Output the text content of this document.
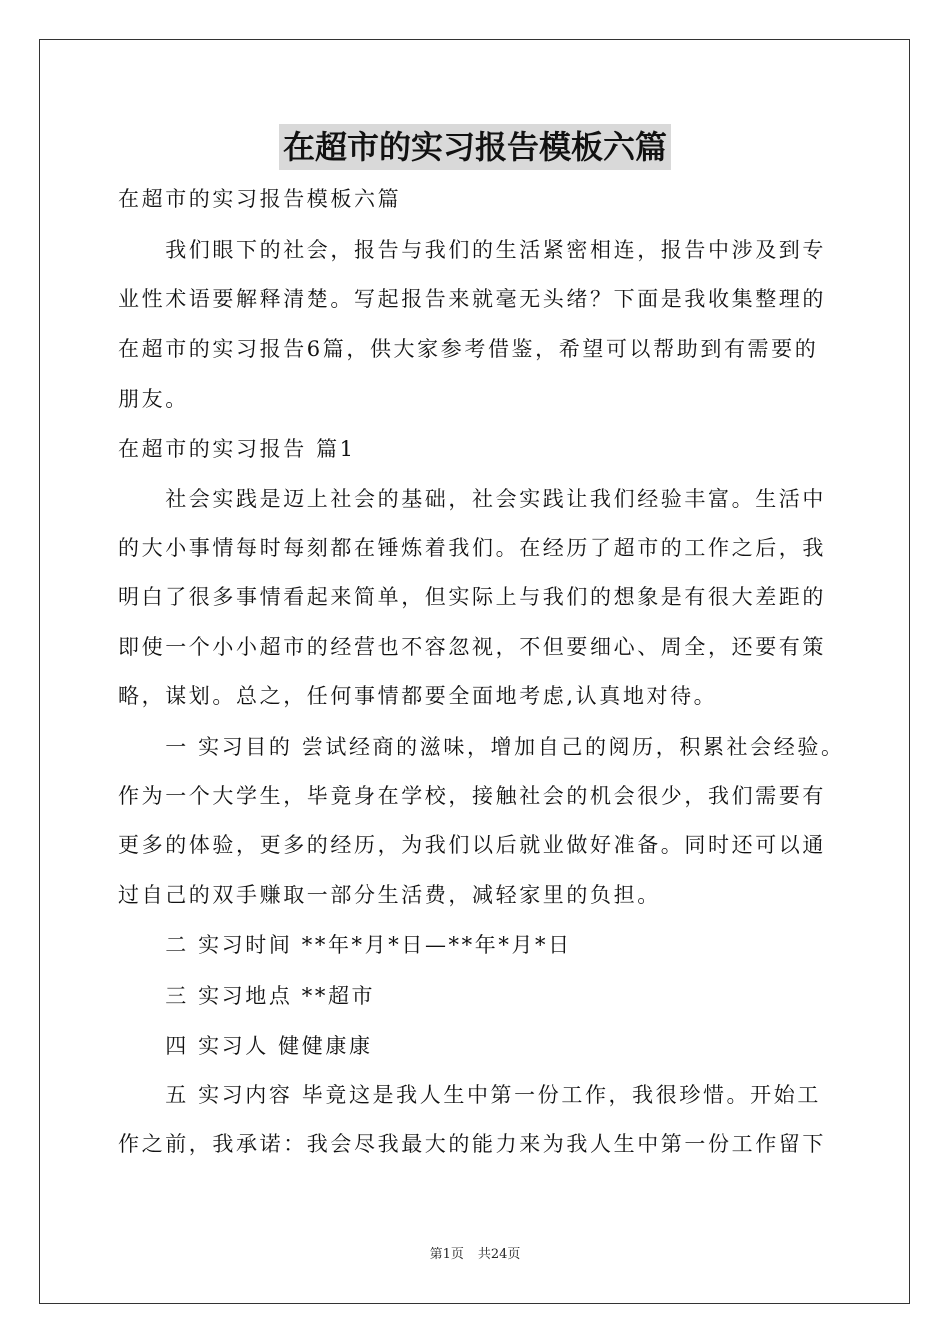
在超市的实习报告模板六篇
在超市的实习报告模板六篇
　　我们眼下的社会，报告与我们的生活紧密相连，报告中涉及到专
业性术语要解释清楚。写起报告来就毫无头绪？下面是我收集整理的
在超市的实习报告6篇，供大家参考借鉴，希望可以帮助到有需要的
朋友。
在超市的实习报告 篇1
　　社会实践是迈上社会的基础，社会实践让我们经验丰富。生活中
的大小事情每时每刻都在锤炼着我们。在经历了超市的工作之后，我
明白了很多事情看起来简单，但实际上与我们的想象是有很大差距的
即使一个小小超市的经营也不容忽视，不但要细心、周全，还要有策
略，谋划。总之，任何事情都要全面地考虑,认真地对待。
　　一 实习目的 尝试经商的滋味，增加自己的阅历，积累社会经验。
作为一个大学生，毕竟身在学校，接触社会的机会很少，我们需要有
更多的体验，更多的经历，为我们以后就业做好准备。同时还可以通
过自己的双手赚取一部分生活费，减轻家里的负担。
　　二 实习时间 **年*月*日—**年*月*日
　　三 实习地点 **超市
　　四 实习人 健健康康
　　五 实习内容 毕竟这是我人生中第一份工作，我很珍惜。开始工
作之前，我承诺：我会尽我最大的能力来为我人生中第一份工作留下
第1页 共24页
